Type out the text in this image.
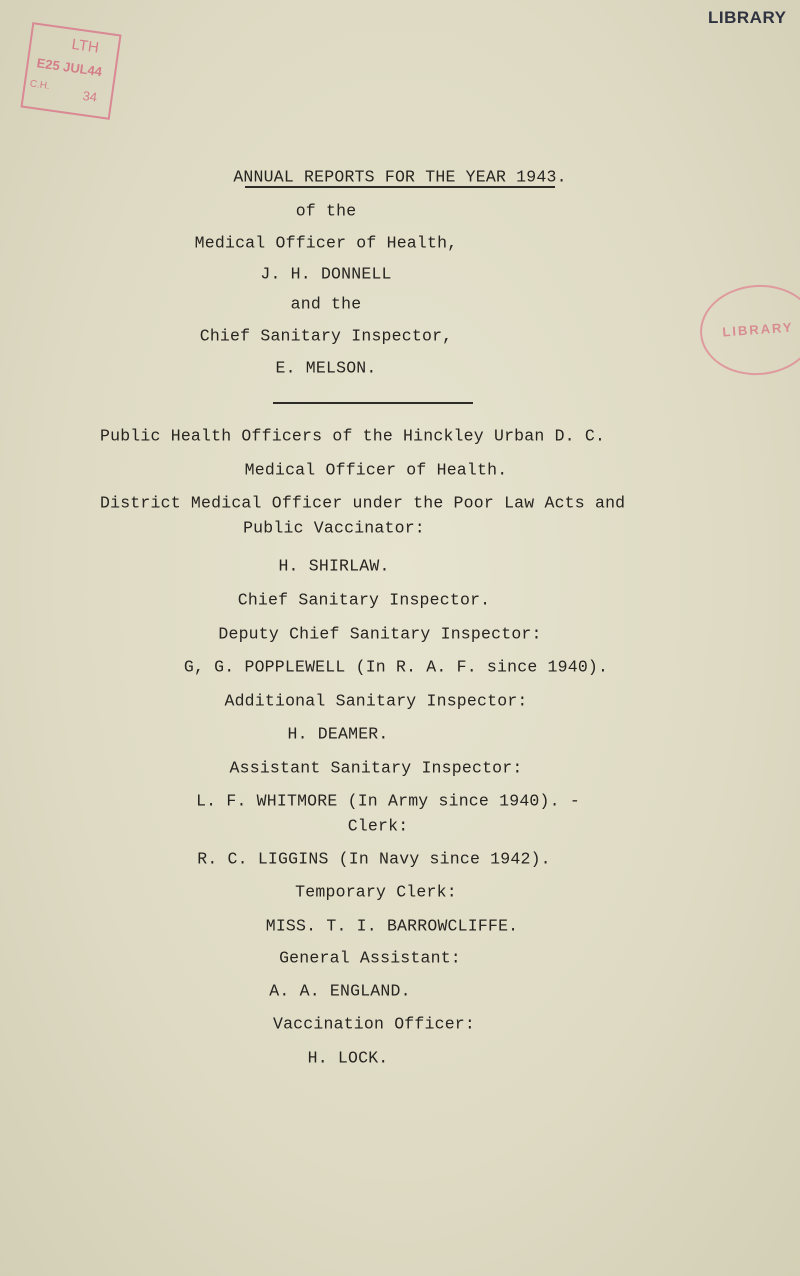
LIBRARY
LTH
E25 JUL44
C.H.
34
LIBRARY
ANNUAL REPORTS FOR THE YEAR 1943.
of the
Medical Officer of Health,
J. H. DONNELL
and the
Chief Sanitary Inspector,
E. MELSON.
Public Health Officers of the Hinckley Urban D. C.
Medical Officer of Health.
District Medical Officer under the Poor Law Acts and
Public Vaccinator:
H. SHIRLAW.
Chief Sanitary Inspector.
Deputy Chief Sanitary Inspector:
G, G. POPPLEWELL (In R. A. F. since 1940).
Additional Sanitary Inspector:
H. DEAMER.
Assistant Sanitary Inspector:
L. F. WHITMORE (In Army since 1940). -
Clerk:
R. C. LIGGINS (In Navy since 1942).
Temporary Clerk:
MISS. T. I. BARROWCLIFFE.
General Assistant:
A. A. ENGLAND.
Vaccination Officer:
H. LOCK.
